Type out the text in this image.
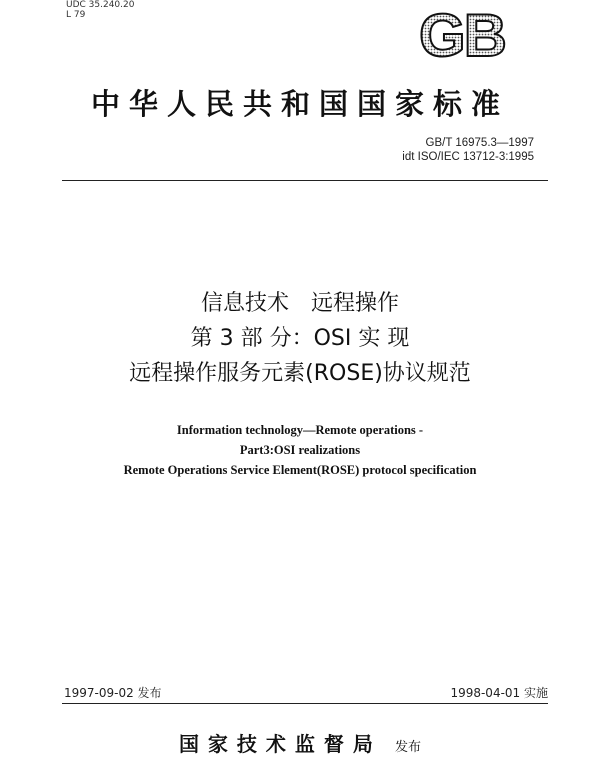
UDC 35.240.20
L 79	GB
中华人民共和国国家标准
GB/T 16975.3—1997
idt ISO/IEC 13712-3:1995
信息技术　远程操作
第 3 部 分：OSI 实 现
远程操作服务元素(ROSE)协议规范
Information technology—Remote operations -
Part3:OSI realizations
Remote Operations Service Element(ROSE) protocol specification
1997-09-02 发布	1998-04-01 实施
国家技术监督局 发布
